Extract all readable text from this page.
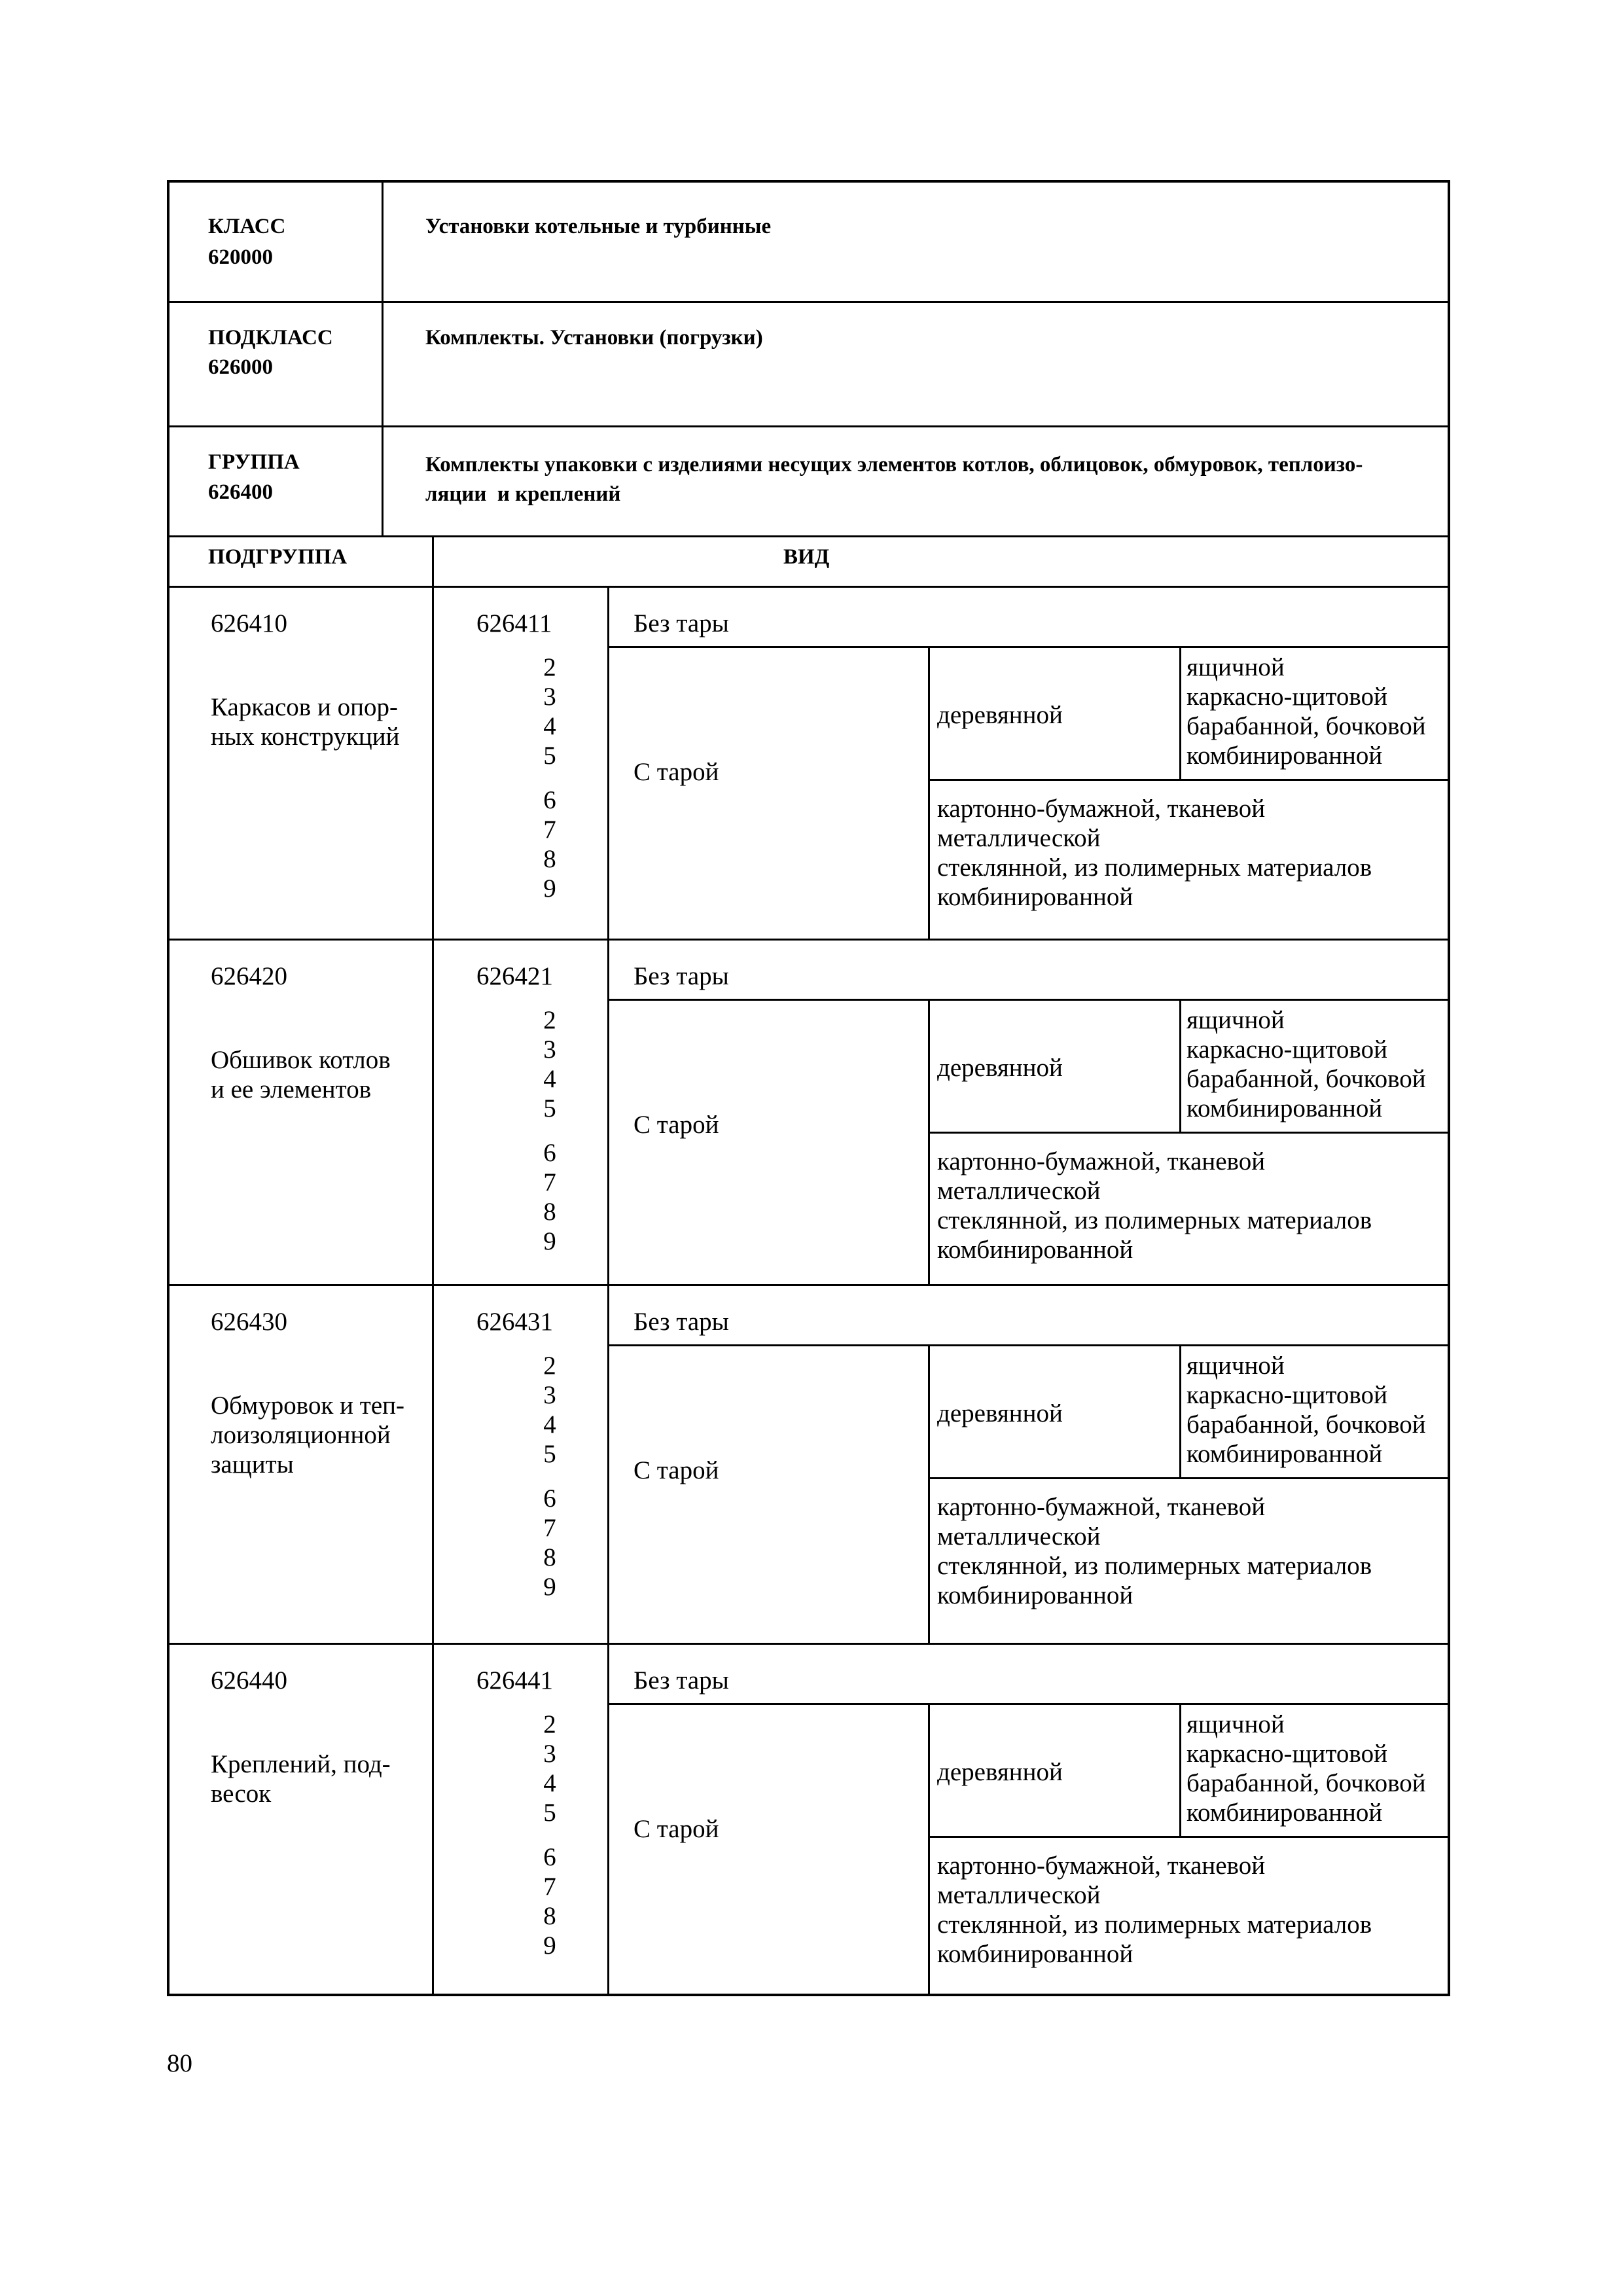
КЛАСС
620000
Установки котельные и турбинные
ПОДКЛАСС
626000
Комплекты. Установки (погрузки)
ГРУППА
626400
Комплекты упаковки с изделиями несущих элементов котлов, облицовок, обмуровок, теплоизо-
ляции  и креплений
ПОДГРУППА	ВИД
626410
Каркасов и опор-
ных конструкций
626411
2
3
4
5
6
7
8
9
Без тары
С тарой
деревянной
ящичной
каркасно-щитовой
барабанной, бочковой
комбинированной
картонно-бумажной, тканевой
металлической
стеклянной, из полимерных материалов
комбинированной
626420
Обшивок котлов
и ее элементов
626421
2
3
4
5
6
7
8
9
Без тары
С тарой
деревянной
ящичной
каркасно-щитовой
барабанной, бочковой
комбинированной
картонно-бумажной, тканевой
металлической
стеклянной, из полимерных материалов
комбинированной
626430
Обмуровок и теп-
лоизоляционной
защиты
626431
2
3
4
5
6
7
8
9
Без тары
С тарой
деревянной
ящичной
каркасно-щитовой
барабанной, бочковой
комбинированной
картонно-бумажной, тканевой
металлической
стеклянной, из полимерных материалов
комбинированной
626440
Креплений, под-
весок
626441
2
3
4
5
6
7
8
9
Без тары
С тарой
деревянной
ящичной
каркасно-щитовой
барабанной, бочковой
комбинированной
картонно-бумажной, тканевой
металлической
стеклянной, из полимерных материалов
комбинированной
80
